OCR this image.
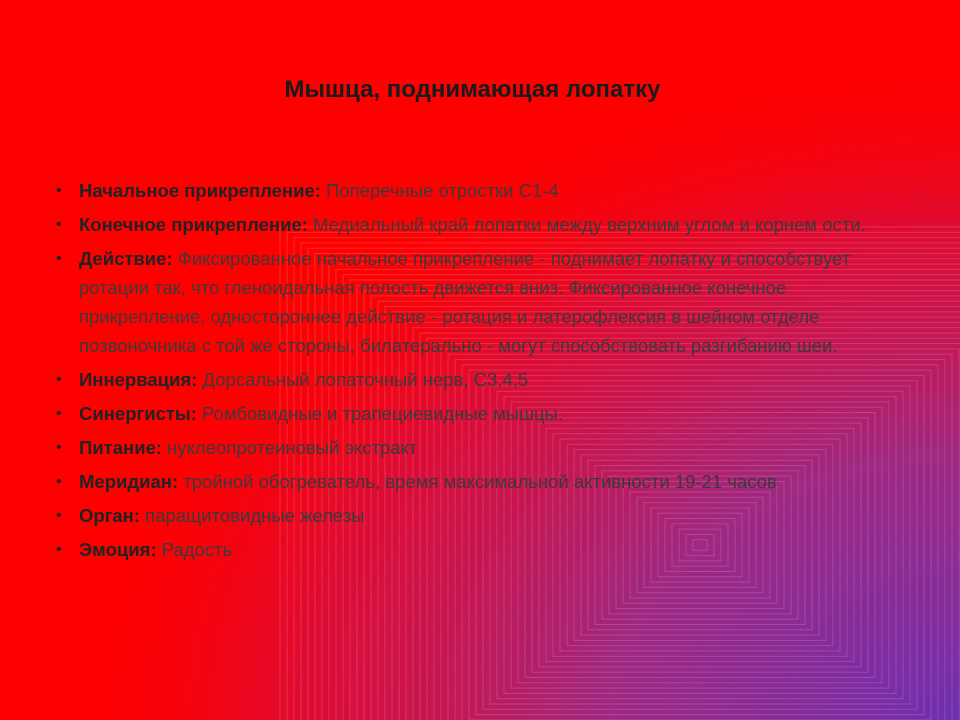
Мышца, поднимающая лопатку
• Начальное прикрепление: Поперечные отростки С1-4
• Конечное прикрепление: Медиальный край лопатки между верхним углом и корнем ости.
• Действие: Фиксированное начальное прикрепление - поднимает лопатку и способствует ротации так, что гленоидальная полость движется вниз. Фиксированное конечное прикрепление, одностороннее действие - ротация и латерофлексия в шейном отделе позвоночника с той же стороны, билатерально - могут способствовать разгибанию шеи.
• Иннервация: Дорсальный лопаточный нерв, С3,4,5
• Синергисты: Ромбовидные и трапециевидные мышцы.
• Питание: нуклеопротеиновый экстракт
• Меридиан: тройной обогреватель, время максимальной активности 19-21 часов
• Орган: паращитовидные железы
• Эмоция: Радость
